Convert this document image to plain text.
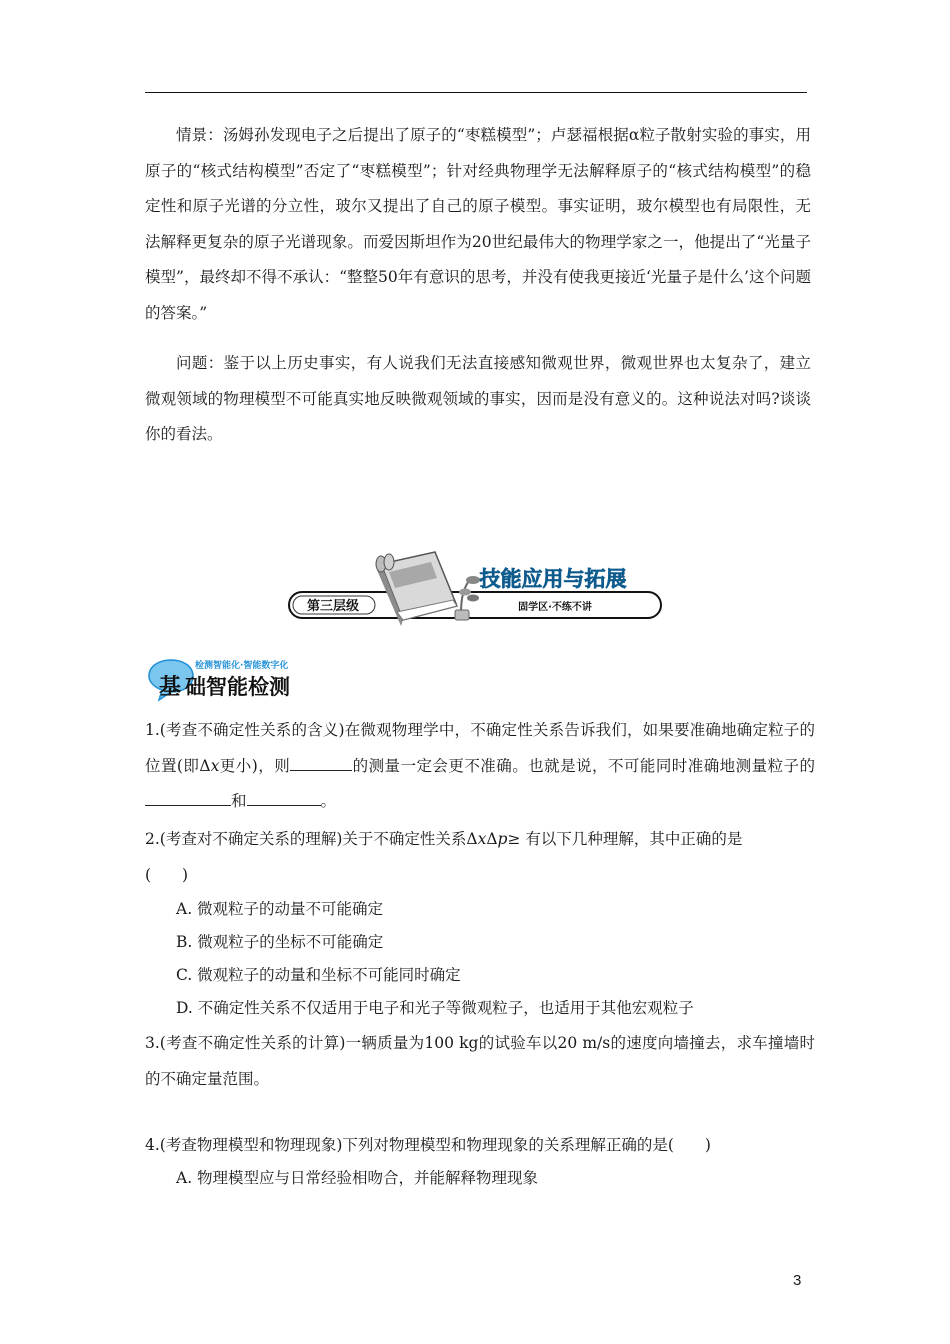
情景：汤姆孙发现电子之后提出了原子的“枣糕模型”；卢瑟福根据α粒子散射实验的事实，用原子的“核式结构模型”否定了“枣糕模型”；针对经典物理学无法解释原子的“核式结构模型”的稳定性和原子光谱的分立性，玻尔又提出了自己的原子模型。事实证明，玻尔模型也有局限性，无法解释更复杂的原子光谱现象。而爱因斯坦作为20世纪最伟大的物理学家之一，他提出了“光量子模型”，最终却不得不承认：“整整50年有意识的思考，并没有使我更接近‘光量子是什么’这个问题的答案。”
问题：鉴于以上历史事实，有人说我们无法直接感知微观世界，微观世界也太复杂了，建立微观领域的物理模型不可能真实地反映微观领域的事实，因而是没有意义的。这种说法对吗?谈谈你的看法。
第三层级
技能应用与拓展
固学区·不练不讲
检测智能化·智能数字化
基 础智能检测
1.(考查不确定性关系的含义)在微观物理学中，不确定性关系告诉我们，如果要准确地确定粒子的位置(即Δx更小)，则	的测量一定会更不准确。也就是说，不可能同时准确地测量粒子的和	。
2.(考查对不确定关系的理解)关于不确定性关系ΔxΔp≥ 有以下几种理解，其中正确的是
(　　)
A. 微观粒子的动量不可能确定
B. 微观粒子的坐标不可能确定
C. 微观粒子的动量和坐标不可能同时确定
D. 不确定性关系不仅适用于电子和光子等微观粒子，也适用于其他宏观粒子
3.(考查不确定性关系的计算)一辆质量为100 kg的试验车以20 m/s的速度向墙撞去，求车撞墙时的不确定量范围。
4.(考查物理模型和物理现象)下列对物理模型和物理现象的关系理解正确的是(　　)
A. 物理模型应与日常经验相吻合，并能解释物理现象
3
